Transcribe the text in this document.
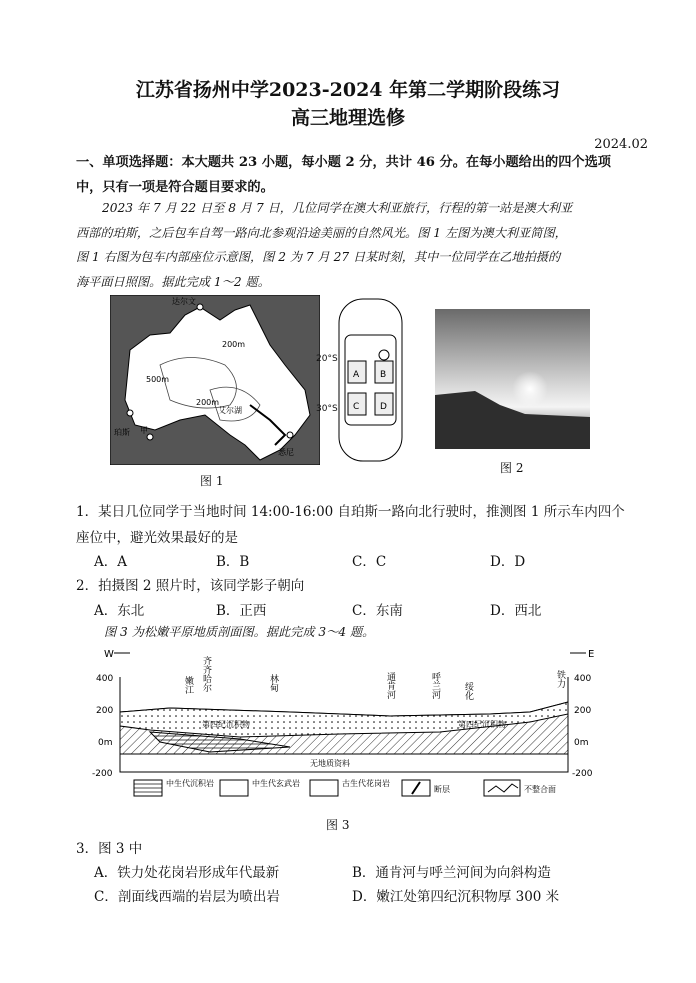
江苏省扬州中学2023-2024 年第二学期阶段练习
高三地理选修
2024.02
一、单项选择题：本大题共 23 小题，每小题 2 分，共计 46 分。在每小题给出的四个选项
中，只有一项是符合题目要求的。
2023 年 7 月 22 日至 8 月 7 日，几位同学在澳大利亚旅行，行程的第一站是澳大利亚
西部的珀斯，之后包车自驾一路向北参观沿途美丽的自然风光。图 1 左图为澳大利亚简图，
图 1 右图为包车内部座位示意图，图 2 为 7 月 27 日某时刻，其中一位同学在乙地拍摄的
海平面日照图。据此完成 1～2 题。
达尔文
200m
500m
200m
艾尔湖
珀斯 甲
悉尼
20°S
30°S
A B
C D
图 1
图 2
1．某日几位同学于当地时间 14:00-16:00 自珀斯一路向北行驶时，推测图 1 所示车内四个
座位中，避光效果最好的是
A．A	B．B	C．C	D．D
2．拍摄图 2 照片时，该同学影子朝向
A．东北	B．正西	C．东南	D．西北
图 3 为松嫩平原地质剖面图。据此完成 3～4 题。
W	E
400
200
0m
-200
400
200
0m
-200
无地质资料
第四纪沉积物	第四纪沉积物
嫩江 齐齐哈尔	林甸	通肯河	呼兰河	绥化
铁力
中生代沉积岩	中生代玄武岩	古生代花岗岩
断层	不整合面
图 3
3．图 3 中
A．铁力处花岗岩形成年代最新	B．通肯河与呼兰河间为向斜构造
C．剖面线西端的岩层为喷出岩	D．嫩江处第四纪沉积物厚 300 米
